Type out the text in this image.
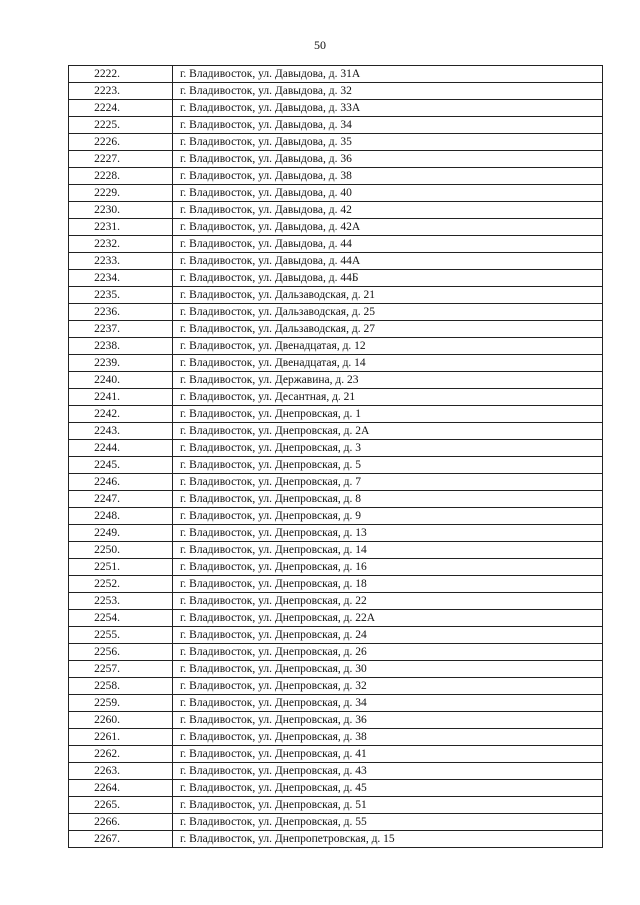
50
2222.	г. Владивосток, ул. Давыдова, д. 31А
2223.	г. Владивосток, ул. Давыдова, д. 32
2224.	г. Владивосток, ул. Давыдова, д. 33А
2225.	г. Владивосток, ул. Давыдова, д. 34
2226.	г. Владивосток, ул. Давыдова, д. 35
2227.	г. Владивосток, ул. Давыдова, д. 36
2228.	г. Владивосток, ул. Давыдова, д. 38
2229.	г. Владивосток, ул. Давыдова, д. 40
2230.	г. Владивосток, ул. Давыдова, д. 42
2231.	г. Владивосток, ул. Давыдова, д. 42А
2232.	г. Владивосток, ул. Давыдова, д. 44
2233.	г. Владивосток, ул. Давыдова, д. 44А
2234.	г. Владивосток, ул. Давыдова, д. 44Б
2235.	г. Владивосток, ул. Дальзаводская, д. 21
2236.	г. Владивосток, ул. Дальзаводская, д. 25
2237.	г. Владивосток, ул. Дальзаводская, д. 27
2238.	г. Владивосток, ул. Двенадцатая, д. 12
2239.	г. Владивосток, ул. Двенадцатая, д. 14
2240.	г. Владивосток, ул. Державина, д. 23
2241.	г. Владивосток, ул. Десантная, д. 21
2242.	г. Владивосток, ул. Днепровская, д. 1
2243.	г. Владивосток, ул. Днепровская, д. 2А
2244.	г. Владивосток, ул. Днепровская, д. 3
2245.	г. Владивосток, ул. Днепровская, д. 5
2246.	г. Владивосток, ул. Днепровская, д. 7
2247.	г. Владивосток, ул. Днепровская, д. 8
2248.	г. Владивосток, ул. Днепровская, д. 9
2249.	г. Владивосток, ул. Днепровская, д. 13
2250.	г. Владивосток, ул. Днепровская, д. 14
2251.	г. Владивосток, ул. Днепровская, д. 16
2252.	г. Владивосток, ул. Днепровская, д. 18
2253.	г. Владивосток, ул. Днепровская, д. 22
2254.	г. Владивосток, ул. Днепровская, д. 22А
2255.	г. Владивосток, ул. Днепровская, д. 24
2256.	г. Владивосток, ул. Днепровская, д. 26
2257.	г. Владивосток, ул. Днепровская, д. 30
2258.	г. Владивосток, ул. Днепровская, д. 32
2259.	г. Владивосток, ул. Днепровская, д. 34
2260.	г. Владивосток, ул. Днепровская, д. 36
2261.	г. Владивосток, ул. Днепровская, д. 38
2262.	г. Владивосток, ул. Днепровская, д. 41
2263.	г. Владивосток, ул. Днепровская, д. 43
2264.	г. Владивосток, ул. Днепровская, д. 45
2265.	г. Владивосток, ул. Днепровская, д. 51
2266.	г. Владивосток, ул. Днепровская, д. 55
2267.	г. Владивосток, ул. Днепропетровская, д. 15
